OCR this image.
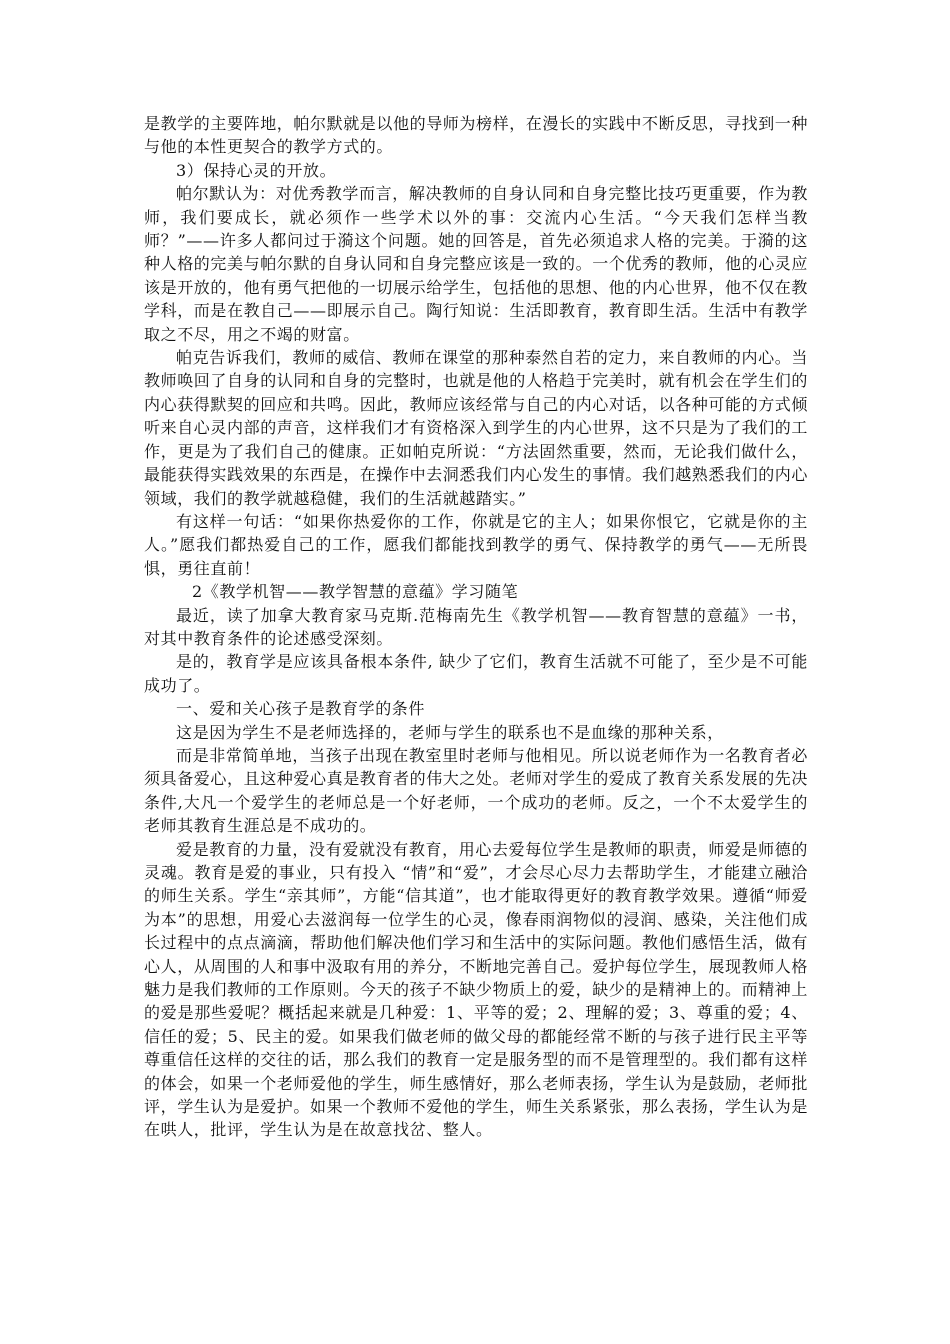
是教学的主要阵地，帕尔默就是以他的导师为榜样，在漫长的实践中不断反思，寻找到一种与他的本性更契合的教学方式的。

3）保持心灵的开放。

帕尔默认为：对优秀教学而言，解决教师的自身认同和自身完整比技巧更重要，作为教师，我们要成长，就必须作一些学术以外的事：交流内心生活。“今天我们怎样当教师？”——许多人都问过于漪这个问题。她的回答是，首先必须追求人格的完美。于漪的这种人格的完美与帕尔默的自身认同和自身完整应该是一致的。一个优秀的教师，他的心灵应该是开放的，他有勇气把他的一切展示给学生，包括他的思想、他的内心世界，他不仅在教学科，而是在教自己——即展示自己。陶行知说：生活即教育，教育即生活。生活中有教学取之不尽，用之不竭的财富。

帕克告诉我们，教师的威信、教师在课堂的那种泰然自若的定力，来自教师的内心。当教师唤回了自身的认同和自身的完整时，也就是他的人格趋于完美时，就有机会在学生们的内心获得默契的回应和共鸣。因此，教师应该经常与自己的内心对话，以各种可能的方式倾听来自心灵内部的声音，这样我们才有资格深入到学生的内心世界，这不只是为了我们的工作，更是为了我们自己的健康。正如帕克所说：“方法固然重要，然而，无论我们做什么，最能获得实践效果的东西是，在操作中去洞悉我们内心发生的事情。我们越熟悉我们的内心领域，我们的教学就越稳健，我们的生活就越踏实。”

有这样一句话：“如果你热爱你的工作，你就是它的主人；如果你恨它，它就是你的主人。”愿我们都热爱自己的工作，愿我们都能找到教学的勇气、保持教学的勇气——无所畏惧，勇往直前！

2《教学机智——教学智慧的意蕴》学习随笔

最近，读了加拿大教育家马克斯.范梅南先生《教学机智——教育智慧的意蕴》一书，对其中教育条件的论述感受深刻。

是的，教育学是应该具备根本条件, 缺少了它们，教育生活就不可能了，至少是不可能成功了。

一、爱和关心孩子是教育学的条件

这是因为学生不是老师选择的，老师与学生的联系也不是血缘的那种关系，

而是非常简单地，当孩子出现在教室里时老师与他相见。所以说老师作为一名教育者必须具备爱心，且这种爱心真是教育者的伟大之处。老师对学生的爱成了教育关系发展的先决条件,大凡一个爱学生的老师总是一个好老师，一个成功的老师。反之，一个不太爱学生的老师其教育生涯总是不成功的。

爱是教育的力量，没有爱就没有教育，用心去爱每位学生是教师的职责，师爱是师德的灵魂。教育是爱的事业，只有投入 “情”和“爱”，才会尽心尽力去帮助学生，才能建立融洽的师生关系。学生“亲其师”，方能“信其道”，也才能取得更好的教育教学效果。遵循“师爱为本”的思想，用爱心去滋润每一位学生的心灵，像春雨润物似的浸润、感染，关注他们成长过程中的点点滴滴，帮助他们解决他们学习和生活中的实际问题。教他们感悟生活，做有心人，从周围的人和事中汲取有用的养分，不断地完善自己。爱护每位学生，展现教师人格魅力是我们教师的工作原则。今天的孩子不缺少物质上的爱，缺少的是精神上的。而精神上的爱是那些爱呢？概括起来就是几种爱：1、平等的爱；2、理解的爱；3、尊重的爱；4、信任的爱；5、民主的爱。如果我们做老师的做父母的都能经常不断的与孩子进行民主平等尊重信任这样的交往的话，那么我们的教育一定是服务型的而不是管理型的。我们都有这样的体会，如果一个老师爱他的学生，师生感情好，那么老师表扬，学生认为是鼓励，老师批评，学生认为是爱护。如果一个教师不爱他的学生，师生关系紧张，那么表扬，学生认为是在哄人，批评，学生认为是在故意找岔、整人。
